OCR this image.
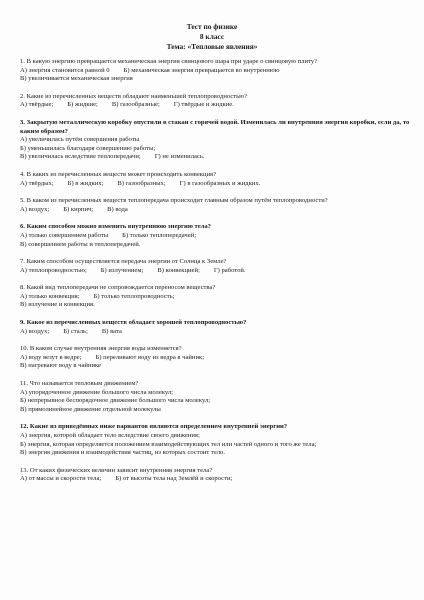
Тест по физике
8 класс
Тема: «Тепловые явления»
1. В какую энергию превращается механическая энергия свинцового шара при ударе о свинцовую плиту?
А) энергия становится равной 0 Б) механическая энергия превращается во внутреннюю
В) увеличивается механическая энергия
2. Какие из перечисленных веществ обладают наименьшей теплопроводностью?
А) твёрдые; Б) жидкие; В) газообразные; Г) твёрдые и жидкие.
3. Закрытую металлическую коробку опустили в стакан с горячей водой. Изменилась ли внутренняя энергия коробки, если да, то каким образом?
А) увеличилась путём совершения работы
Б) уменьшилась благодаря совершению работы;
В) увеличилась вследствие теплопередачи; Г) не изменилась.
4. В каких из перечисленных веществ может происходить конвекция?
А) твёрдых; Б) в жидких; В) газообразных; Г) в газообразных и жидких.
5. В каком из перечисленных веществ теплопередача происходит главным образом путём теплопроводности?
А) воздух; Б) кирпич; В) вода
6. Каким способом можно изменить внутреннюю энергию тела?
А) только совершением работы Б) только теплопередачей;
В) совершением работы и теплопередачей.
7. Каким способом осуществляется передача энергии от Солнца к Земле?
А) теплопроводностью; Б) излучением; В) конвекцией; Г) работой.
8. Какой вид теплопередачи не сопровождается переносом вещества?
А) только конвекция; Б) только теплопроводность;
В) излучение и конвекция.
9. Какое из перечисленных веществ обладает хорошей теплопроводностью?
А) воздух; Б) сталь; В) вата
10. В каком случае внутренняя энергия воды изменяется?
А) воду везут в ведре; Б) переливают воду из ведра в чайник;
В) нагревают воду в чайнике
11. Что называется тепловым движением?
А) упорядоченное движение большого числа молекул;
Б) непрерывное беспорядочное движение большого числа молекул;
В) прямолинейное движение отдельной молекулы
12. Какие из приведённых ниже вариантов являются определением внутренней энергии?
А) энергия, которой обладает тело вследствие своего движения;
Б) энергия, которая определяется положением взаимодействующих тел или частей одного и того же тела;
В) энергия движения и взаимодействия частиц, из которых состоит тело.
13. От каких физических величин зависит внутренняя энергия тела?
А) от массы и скорости тела; Б) от высоты тела над Землёй и скорости;
